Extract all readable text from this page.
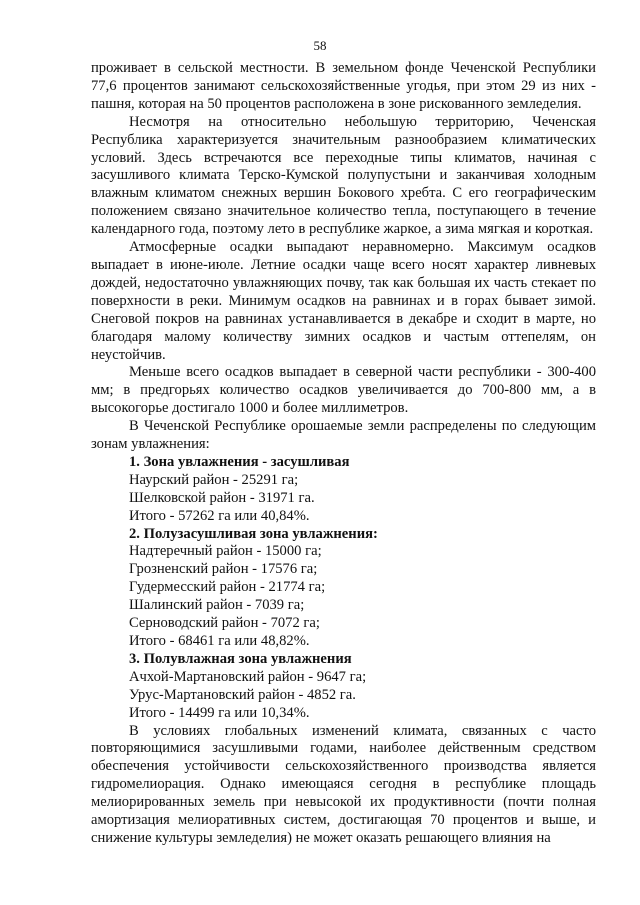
58

проживает в сельской местности. В земельном фонде Чеченской Республики 77,6 процентов занимают сельскохозяйственные угодья, при этом 29 из них - пашня, которая на 50 процентов расположена в зоне рискованного земледелия.

Несмотря на относительно небольшую территорию, Чеченская Республика характеризуется значительным разнообразием климатических условий. Здесь встречаются все переходные типы климатов, начиная с засушливого климата Терско-Кумской полупустыни и заканчивая холодным влажным климатом снежных вершин Бокового хребта. С его географическим положением связано значительное количество тепла, поступающего в течение календарного года, поэтому лето в республике жаркое, а зима мягкая и короткая.

Атмосферные осадки выпадают неравномерно. Максимум осадков выпадает в июне-июле. Летние осадки чаще всего носят характер ливневых дождей, недостаточно увлажняющих почву, так как большая их часть стекает по поверхности в реки. Минимум осадков на равнинах и в горах бывает зимой. Снеговой покров на равнинах устанавливается в декабре и сходит в марте, но благодаря малому количеству зимних осадков и частым оттепелям, он неустойчив.

Меньше всего осадков выпадает в северной части республики - 300-400 мм; в предгорьях количество осадков увеличивается до 700-800 мм, а в высокогорье достигало 1000 и более миллиметров.

В Чеченской Республике орошаемые земли распределены по следующим зонам увлажнения:

1. Зона увлажнения - засушливая
Наурский район - 25291 га;
Шелковской район - 31971 га.
Итого - 57262 га или 40,84%.
2. Полузасушливая зона увлажнения:
Надтеречный район - 15000 га;
Грозненский район - 17576 га;
Гудермесский район - 21774 га;
Шалинский район - 7039 га;
Серноводский район - 7072 га;
Итого - 68461 га или 48,82%.
3. Полувлажная зона увлажнения
Ачхой-Мартановский район - 9647 га;
Урус-Мартановский район - 4852 га.
Итого - 14499 га или 10,34%.

В условиях глобальных изменений климата, связанных с часто повторяющимися засушливыми годами, наиболее действенным средством обеспечения устойчивости сельскохозяйственного производства является гидромелиорация. Однако имеющаяся сегодня в республике площадь мелиорированных земель при невысокой их продуктивности (почти полная амортизация мелиоративных систем, достигающая 70 процентов и выше, и снижение культуры земледелия) не может оказать решающего влияния на
